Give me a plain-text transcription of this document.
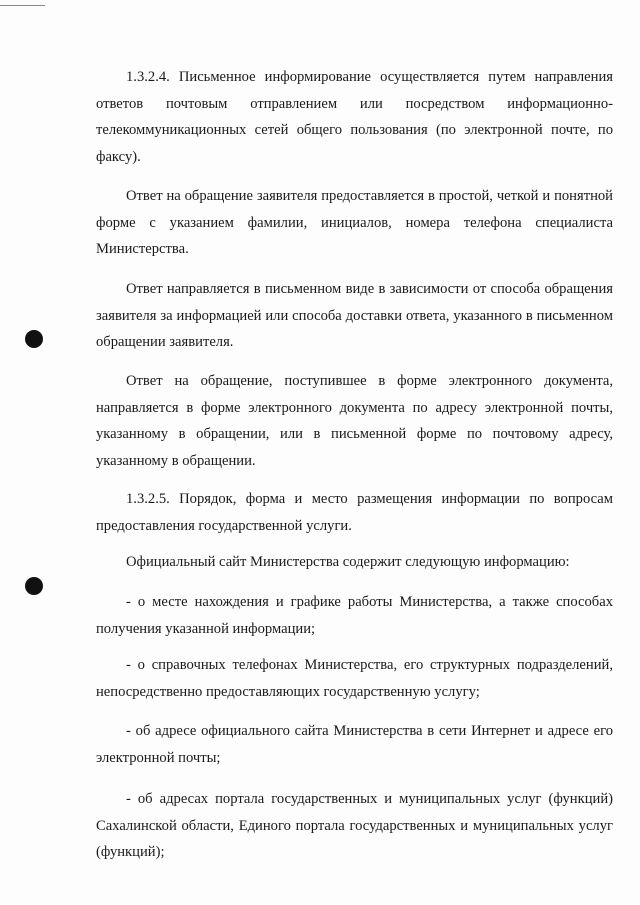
1.3.2.4. Письменное информирование осуществляется путем направления ответов почтовым отправлением или посредством информационно-телекоммуникационных сетей общего пользования (по электронной почте, по факсу).

Ответ на обращение заявителя предоставляется в простой, четкой и понятной форме с указанием фамилии, инициалов, номера телефона специалиста Министерства.

Ответ направляется в письменном виде в зависимости от способа обращения заявителя за информацией или способа доставки ответа, указанного в письменном обращении заявителя.

Ответ на обращение, поступившее в форме электронного документа, направляется в форме электронного документа по адресу электронной почты, указанному в обращении, или в письменной форме по почтовому адресу, указанному в обращении.

1.3.2.5. Порядок, форма и место размещения информации по вопросам предоставления государственной услуги.

Официальный сайт Министерства содержит следующую информацию:

- о месте нахождения и графике работы Министерства, а также способах получения указанной информации;

- о справочных телефонах Министерства, его структурных подразделений, непосредственно предоставляющих государственную услугу;

- об адресе официального сайта Министерства в сети Интернет и адресе его электронной почты;

- об адресах портала государственных и муниципальных услуг (функций) Сахалинской области, Единого портала государственных и муниципальных услуг (функций);
